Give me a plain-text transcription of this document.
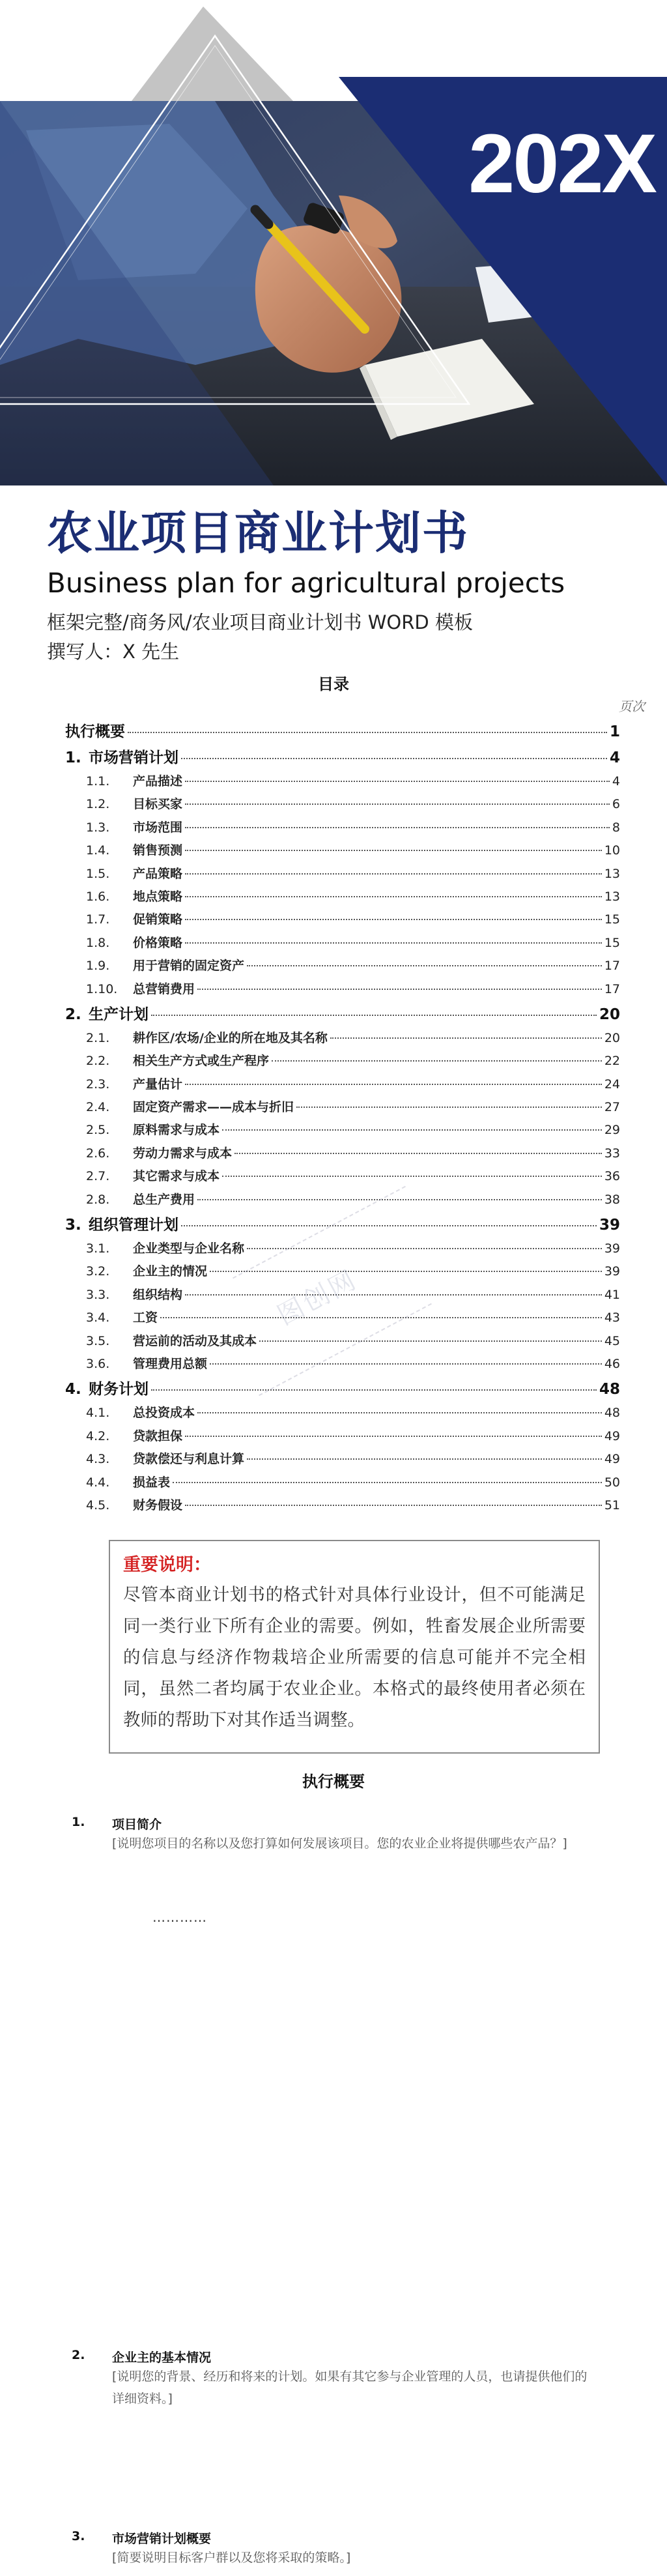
202X
农业项目商业计划书
Business plan for agricultural projects
框架完整/商务风/农业项目商业计划书 WORD 模板
撰写人：X 先生
目录
页次
执行概要	1
1. 市场营销计划	4
1.1.	产品描述	4
1.2.	目标买家	6
1.3.	市场范围	8
1.4.	销售预测	10
1.5.	产品策略	13
1.6.	地点策略	13
1.7.	促销策略	15
1.8.	价格策略	15
1.9.	用于营销的固定资产	17
1.10.	总营销费用	17
2. 生产计划	20
2.1.	耕作区/农场/企业的所在地及其名称	20
2.2.	相关生产方式或生产程序	22
2.3.	产量估计	24
2.4.	固定资产需求——成本与折旧	27
2.5.	原料需求与成本	29
2.6.	劳动力需求与成本	33
2.7.	其它需求与成本	36
2.8.	总生产费用	38
3. 组织管理计划	39
3.1.	企业类型与企业名称	39
3.2.	企业主的情况	39
3.3.	组织结构	41
3.4.	工资	43
3.5.	营运前的活动及其成本	45
3.6.	管理费用总额	46
4. 财务计划	48
4.1.	总投资成本	48
4.2.	贷款担保	49
4.3.	贷款偿还与利息计算	49
4.4.	损益表	50
4.5.	财务假设	51
图创网
重要说明：
尽管本商业计划书的格式针对具体行业设计，但不可能满足同一类行业下所有企业的需要。例如，牲畜发展企业所需要的信息与经济作物栽培企业所需要的信息可能并不完全相同，虽然二者均属于农业企业。本格式的最终使用者必须在教师的帮助下对其作适当调整。
执行概要
1. 项目简介
[说明您项目的名称以及您打算如何发展该项目。您的农业企业将提供哪些农产品？]
…………
2. 企业主的基本情况
[说明您的背景、经历和将来的计划。如果有其它参与企业管理的人员，也请提供他们的详细资料。]
3. 市场营销计划概要
[简要说明目标客户群以及您将采取的策略。]
